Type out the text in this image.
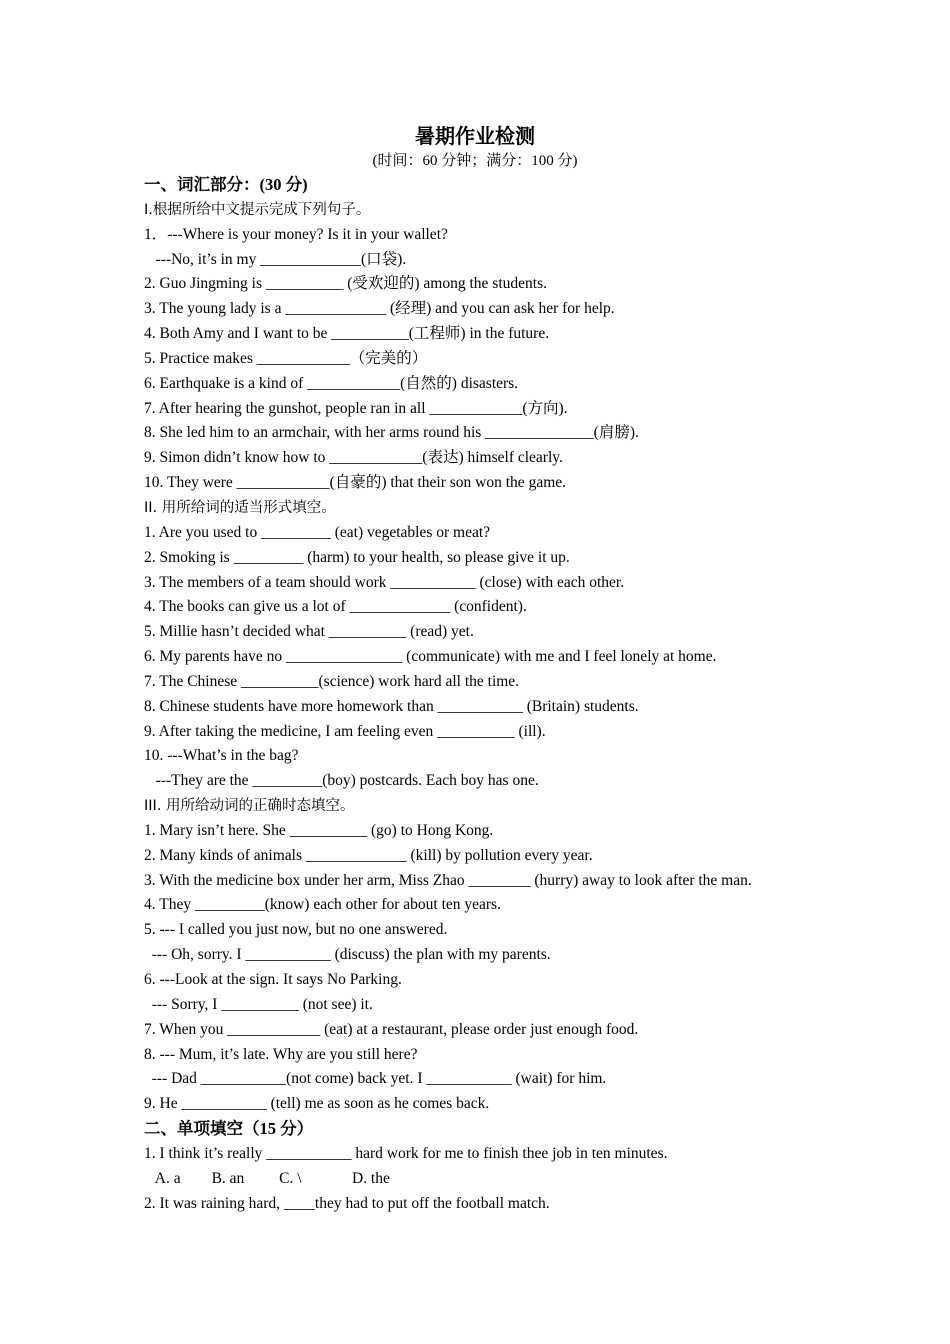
暑期作业检测
(时间：60 分钟；满分：100 分)
一、词汇部分：(30 分)
I.根据所给中文提示完成下列句子。
1．---Where is your money? Is it in your wallet?
---No, it’s in my _____________(口袋).
2. Guo Jingming is __________ (受欢迎的) among the students.
3. The young lady is a _____________ (经理) and you can ask her for help.
4. Both Amy and I want to be __________(工程师) in the future.
5. Practice makes ____________（完美的）
6. Earthquake is a kind of ____________(自然的) disasters.
7. After hearing the gunshot, people ran in all ____________(方向).
8. She led him to an armchair, with her arms round his ______________(肩膀).
9. Simon didn’t know how to ____________(表达) himself clearly.
10. They were ____________(自豪的) that their son won the game.
II. 用所给词的适当形式填空。
1. Are you used to _________ (eat) vegetables or meat?
2. Smoking is _________ (harm) to your health, so please give it up.
3. The members of a team should work ___________ (close) with each other.
4. The books can give us a lot of _____________ (confident).
5. Millie hasn’t decided what __________ (read) yet.
6. My parents have no _______________ (communicate) with me and I feel lonely at home.
7. The Chinese __________(science) work hard all the time.
8. Chinese students have more homework than ___________ (Britain) students.
9. After taking the medicine, I am feeling even __________ (ill).
10. ---What’s in the bag?
---They are the _________(boy) postcards. Each boy has one.
III. 用所给动词的正确时态填空。
1. Mary isn’t here. She __________ (go) to Hong Kong.
2. Many kinds of animals _____________ (kill) by pollution every year.
3. With the medicine box under her arm, Miss Zhao ________ (hurry) away to look after the man.
4. They _________(know) each other for about ten years.
5. --- I called you just now, but no one answered.
--- Oh, sorry. I ___________ (discuss) the plan with my parents.
6. ---Look at the sign. It says No Parking.
--- Sorry, I __________ (not see) it.
7. When you ____________ (eat) at a restaurant, please order just enough food.
8. --- Mum, it’s late. Why are you still here?
--- Dad ___________(not come) back yet. I ___________ (wait) for him.
9. He ___________ (tell) me as soon as he comes back.
二、单项填空（15 分）
1. I think it’s really ___________ hard work for me to finish thee job in ten minutes.
A. a        B. an         C. \             D. the
2. It was raining hard, ____they had to put off the football match.
